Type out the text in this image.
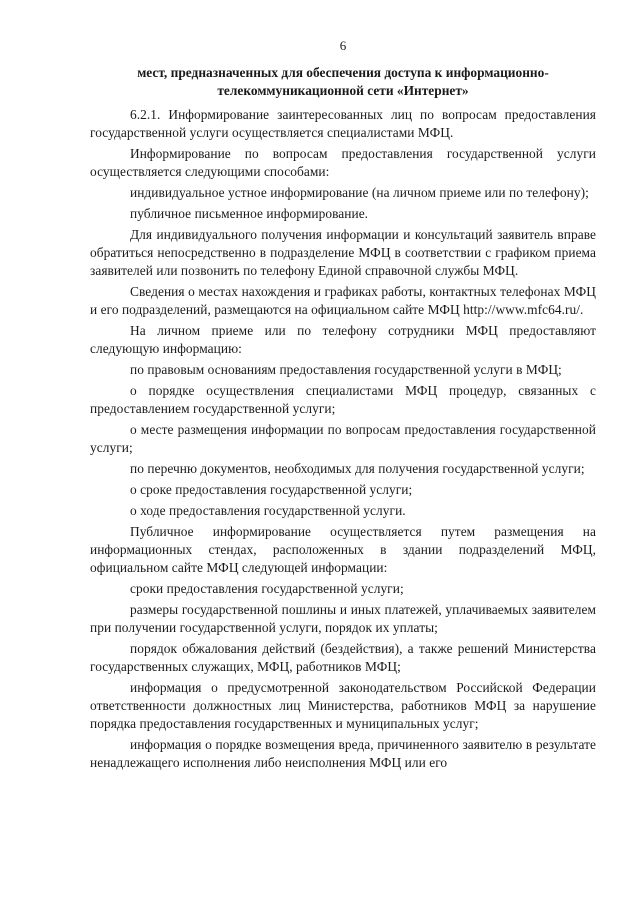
6
мест, предназначенных для обеспечения доступа к информационно-телекоммуникационной сети «Интернет»

6.2.1. Информирование заинтересованных лиц по вопросам предоставления государственной услуги осуществляется специалистами МФЦ.

Информирование по вопросам предоставления государственной услуги осуществляется следующими способами:

индивидуальное устное информирование (на личном приеме или по телефону);

публичное письменное информирование.

Для индивидуального получения информации и консультаций заявитель вправе обратиться непосредственно в подразделение МФЦ в соответствии с графиком приема заявителей или позвонить по телефону Единой справочной службы МФЦ.

Сведения о местах нахождения и графиках работы, контактных телефонах МФЦ и его подразделений, размещаются на официальном сайте МФЦ http://www.mfc64.ru/.

На личном приеме или по телефону сотрудники МФЦ предоставляют следующую информацию:

по правовым основаниям предоставления государственной услуги в МФЦ;

о порядке осуществления специалистами МФЦ процедур, связанных с предоставлением государственной услуги;

о месте размещения информации по вопросам предоставления государственной услуги;

по перечню документов, необходимых для получения государственной услуги;

о сроке предоставления государственной услуги;

о ходе предоставления государственной услуги.

Публичное информирование осуществляется путем размещения на информационных стендах, расположенных в здании подразделений МФЦ, официальном сайте МФЦ следующей информации:

сроки предоставления государственной услуги;

размеры государственной пошлины и иных платежей, уплачиваемых заявителем при получении государственной услуги, порядок их уплаты;

порядок обжалования действий (бездействия), а также решений Министерства государственных служащих, МФЦ, работников МФЦ;

информация о предусмотренной законодательством Российской Федерации ответственности должностных лиц Министерства, работников МФЦ за нарушение порядка предоставления государственных и муниципальных услуг;

информация о порядке возмещения вреда, причиненного заявителю в результате ненадлежащего исполнения либо неисполнения МФЦ или его
